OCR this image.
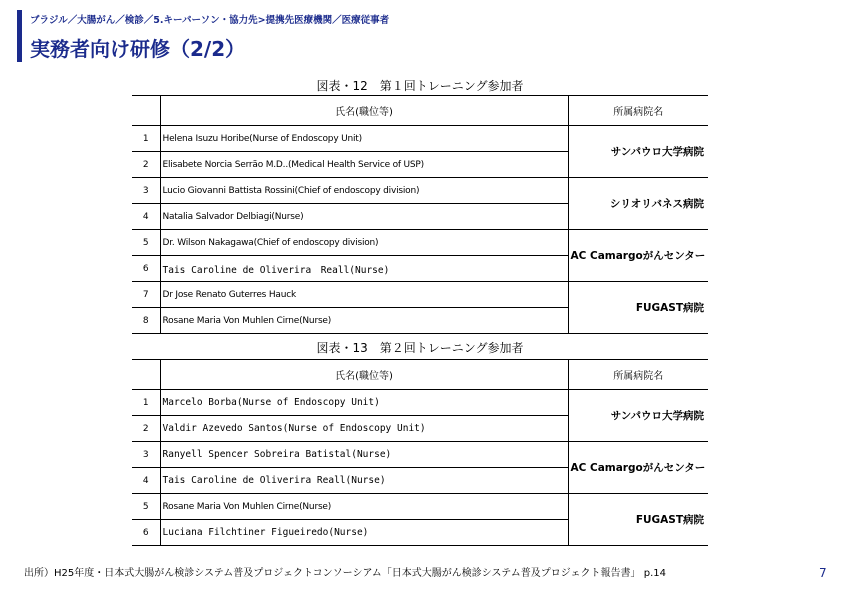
ブラジル／大腸がん／検診／5.キーパーソン・協力先>提携先医療機関／医療従事者
実務者向け研修（2/2）
図表・12　第１回トレーニング参加者
	氏名(職位等)	所属病院名
1	Helena Isuzu Horibe(Nurse of Endoscopy Unit)	サンパウロ大学病院
2	Elisabete Norcia Serrão M.D..(Medical Health Service of USP)	
3	Lucio Giovanni Battista Rossini(Chief of endoscopy division)	シリオリバネス病院
4	Natalia Salvador Delbiagi(Nurse)	
5	Dr. Wilson Nakagawa(Chief of endoscopy division)	AC Camargoがんセンター
6	Tais Caroline de Oliverira　Reall(Nurse)	
7	Dr Jose Renato Guterres Hauck	FUGAST病院
8	Rosane Maria Von Muhlen Cirne(Nurse)	
図表・13　第２回トレーニング参加者
	氏名(職位等)	所属病院名
1	Marcelo Borba(Nurse of Endoscopy Unit)	サンパウロ大学病院
2	Valdir Azevedo Santos(Nurse of Endoscopy Unit)	
3	Ranyell Spencer Sobreira Batistal(Nurse)	AC Camargoがんセンター
4	Tais Caroline de Oliverira Reall(Nurse)	
5	Rosane Maria Von Muhlen Cirne(Nurse)	FUGAST病院
6	Luciana Filchtiner Figueiredo(Nurse)	
出所）H25年度・日本式大腸がん検診システム普及プロジェクトコンソーシアム「日本式大腸がん検診システム普及プロジェクト報告書」 p.14	7
